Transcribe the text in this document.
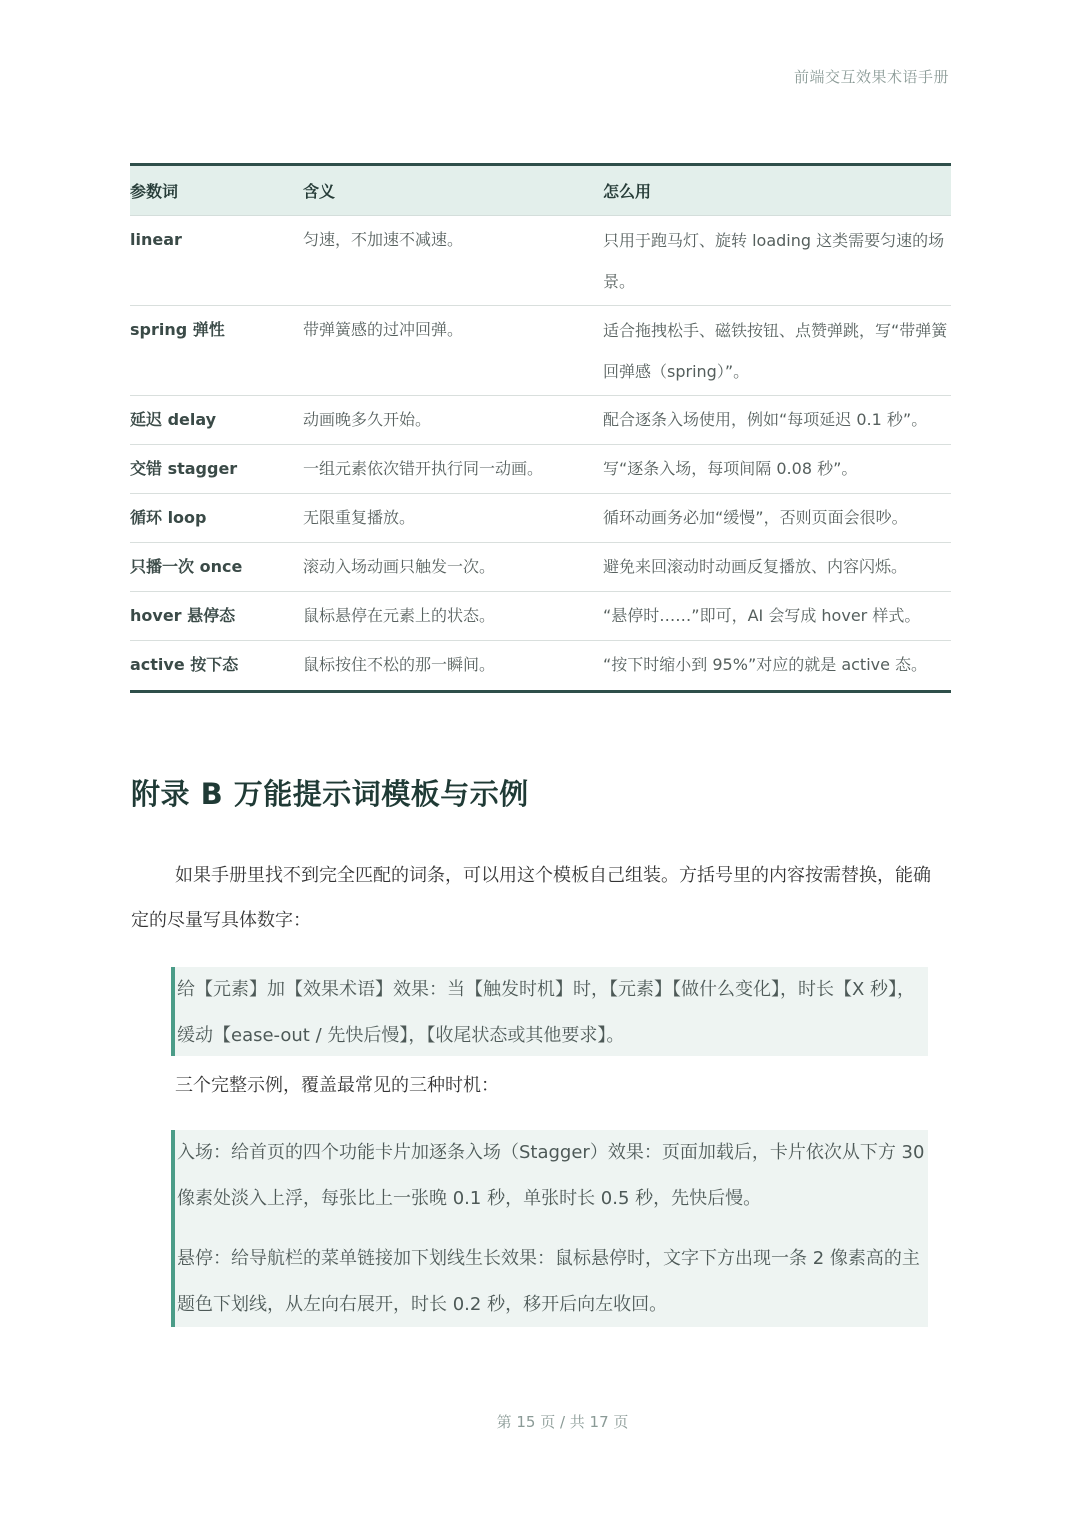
前端交互效果术语手册
参数词	含义	怎么用
linear	匀速，不加速不减速。	只用于跑马灯、旋转 loading 这类需要匀速的场景。
spring 弹性	带弹簧感的过冲回弹。	适合拖拽松手、磁铁按钮、点赞弹跳，写“带弹簧回弹感（spring）”。
延迟 delay	动画晚多久开始。	配合逐条入场使用，例如“每项延迟 0.1 秒”。
交错 stagger	一组元素依次错开执行同一动画。	写“逐条入场，每项间隔 0.08 秒”。
循环 loop	无限重复播放。	循环动画务必加“缓慢”，否则页面会很吵。
只播一次 once	滚动入场动画只触发一次。	避免来回滚动时动画反复播放、内容闪烁。
hover 悬停态	鼠标悬停在元素上的状态。	“悬停时……”即可，AI 会写成 hover 样式。
active 按下态	鼠标按住不松的那一瞬间。	“按下时缩小到 95%”对应的就是 active 态。
附录 B 万能提示词模板与示例

如果手册里找不到完全匹配的词条，可以用这个模板自己组装。方括号里的内容按需替换，能确定的尽量写具体数字：

给【元素】加【效果术语】效果：当【触发时机】时，【元素】【做什么变化】，时长【X 秒】，缓动【ease-out / 先快后慢】，【收尾状态或其他要求】。

三个完整示例，覆盖最常见的三种时机：

入场：给首页的四个功能卡片加逐条入场（Stagger）效果：页面加载后，卡片依次从下方 30 像素处淡入上浮，每张比上一张晚 0.1 秒，单张时长 0.5 秒，先快后慢。

悬停：给导航栏的菜单链接加下划线生长效果：鼠标悬停时，文字下方出现一条 2 像素高的主题色下划线，从左向右展开，时长 0.2 秒，移开后向左收回。

第 15 页 / 共 17 页
